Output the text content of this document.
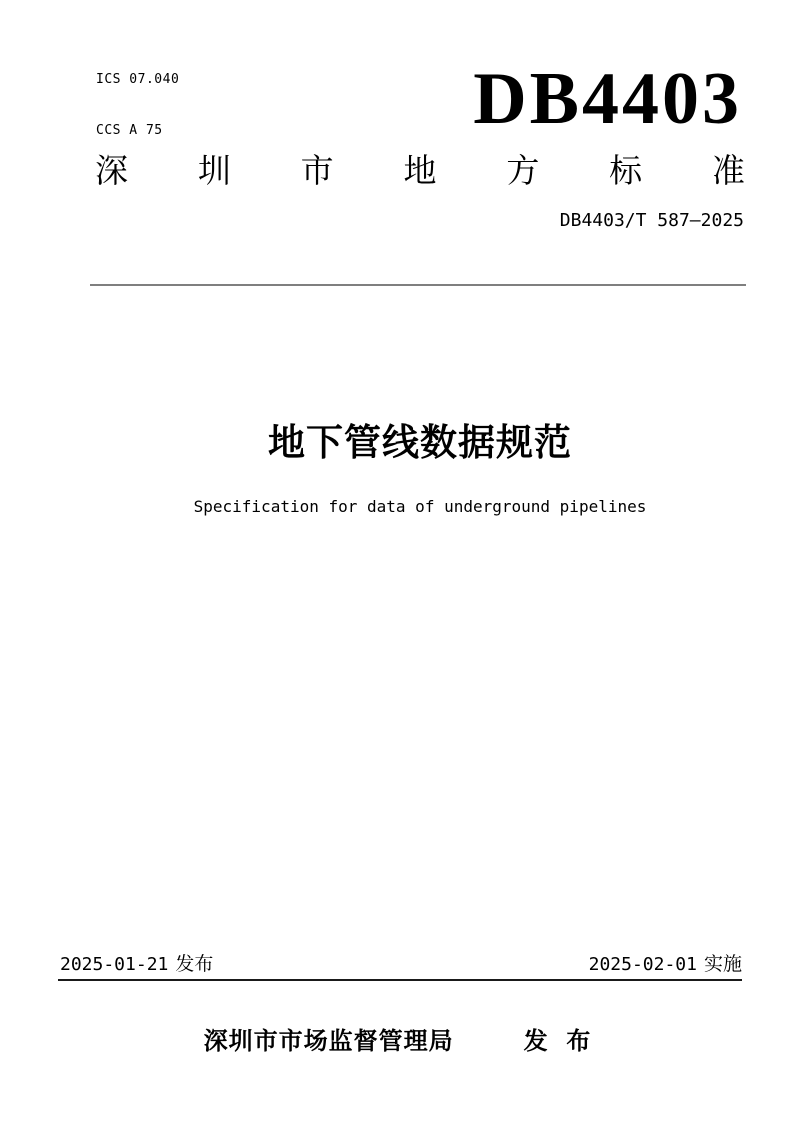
ICS 07.040

CCS A 75

	DB4403
深 圳 市 地 方 标 准
DB4403/T 587—2025
地下管线数据规范
Specification for data of underground pipelines
2025-01-21 发布	2025-02-01 实施
深圳市市场监督管理局	发 布
